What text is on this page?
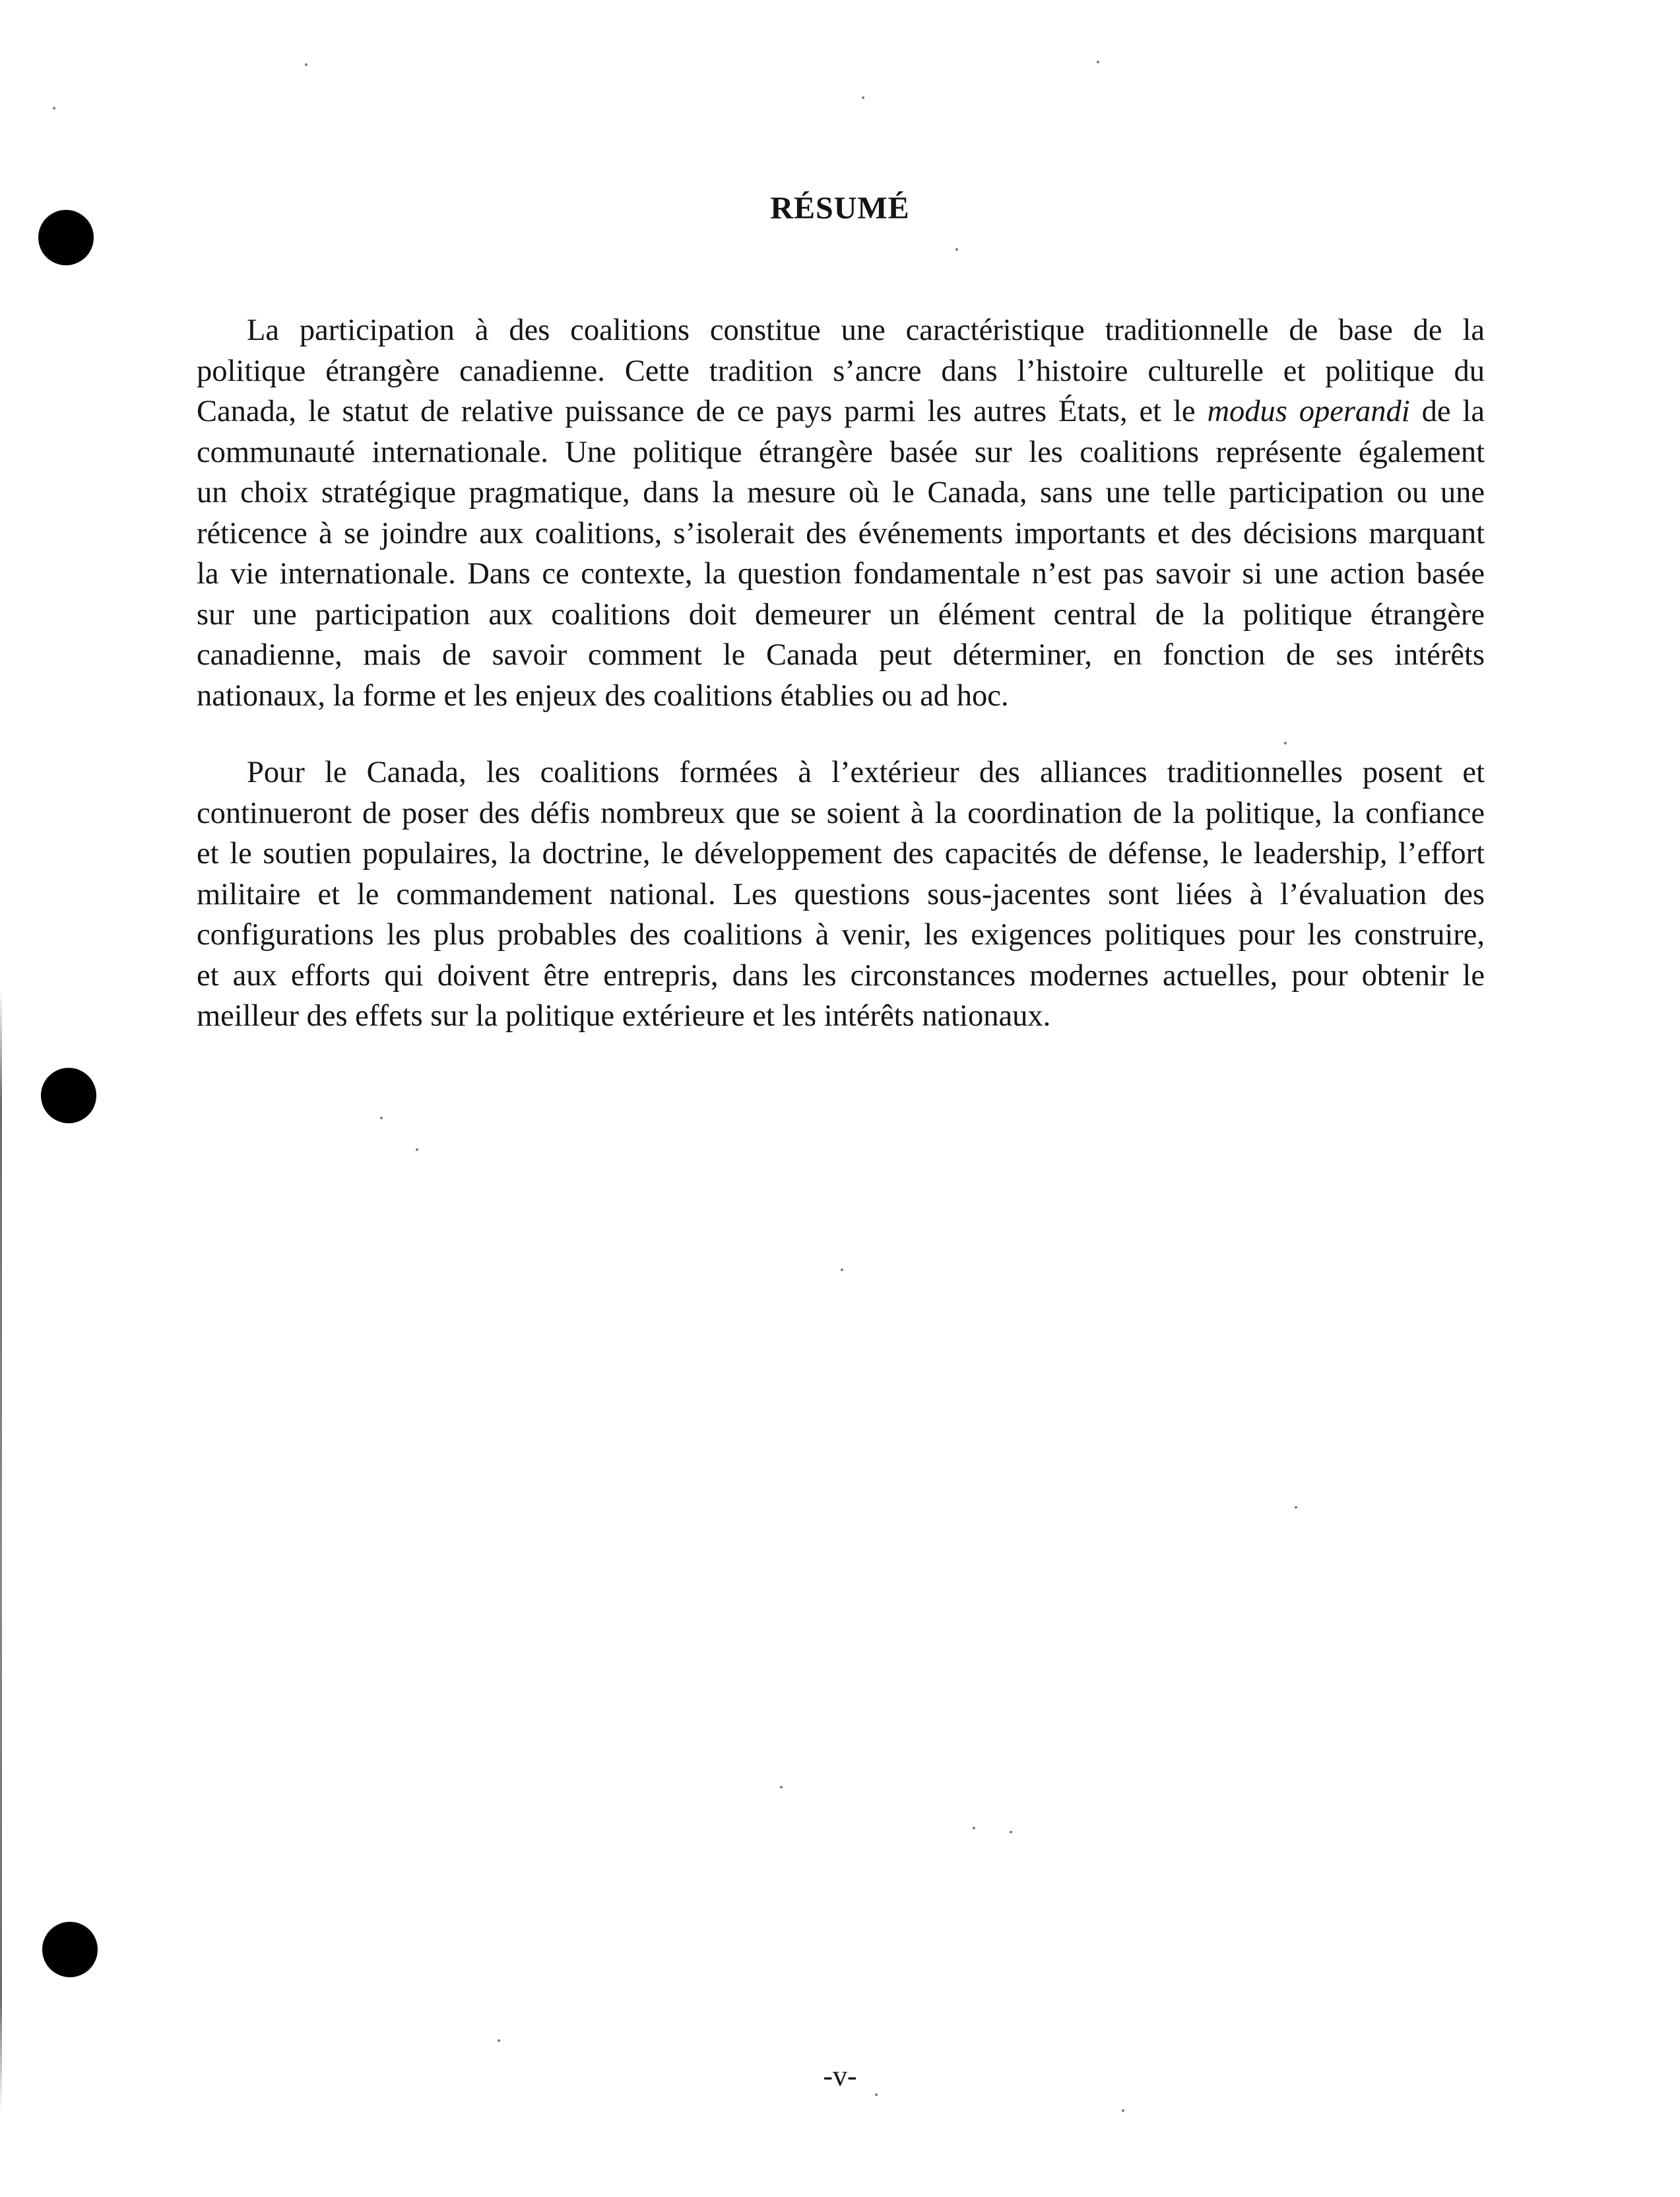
RÉSUMÉ
La participation à des coalitions constitue une caractéristique traditionnelle de base de la
politique étrangère canadienne. Cette tradition s’ancre dans l’histoire culturelle et politique du
Canada, le statut de relative puissance de ce pays parmi les autres États, et le modus operandi de la
communauté internationale. Une politique étrangère basée sur les coalitions représente également
un choix stratégique pragmatique, dans la mesure où le Canada, sans une telle participation ou une
réticence à se joindre aux coalitions, s’isolerait des événements importants et des décisions marquant
la vie internationale. Dans ce contexte, la question fondamentale n’est pas savoir si une action basée
sur une participation aux coalitions doit demeurer un élément central de la politique étrangère
canadienne, mais de savoir comment le Canada peut déterminer, en fonction de ses intérêts
nationaux, la forme et les enjeux des coalitions établies ou ad hoc.
Pour le Canada, les coalitions formées à l’extérieur des alliances traditionnelles posent et
continueront de poser des défis nombreux que se soient à la coordination de la politique, la confiance
et le soutien populaires, la doctrine, le développement des capacités de défense, le leadership, l’effort
militaire et le commandement national. Les questions sous-jacentes sont liées à l’évaluation des
configurations les plus probables des coalitions à venir, les exigences politiques pour les construire,
et aux efforts qui doivent être entrepris, dans les circonstances modernes actuelles, pour obtenir le
meilleur des effets sur la politique extérieure et les intérêts nationaux.
-v-
